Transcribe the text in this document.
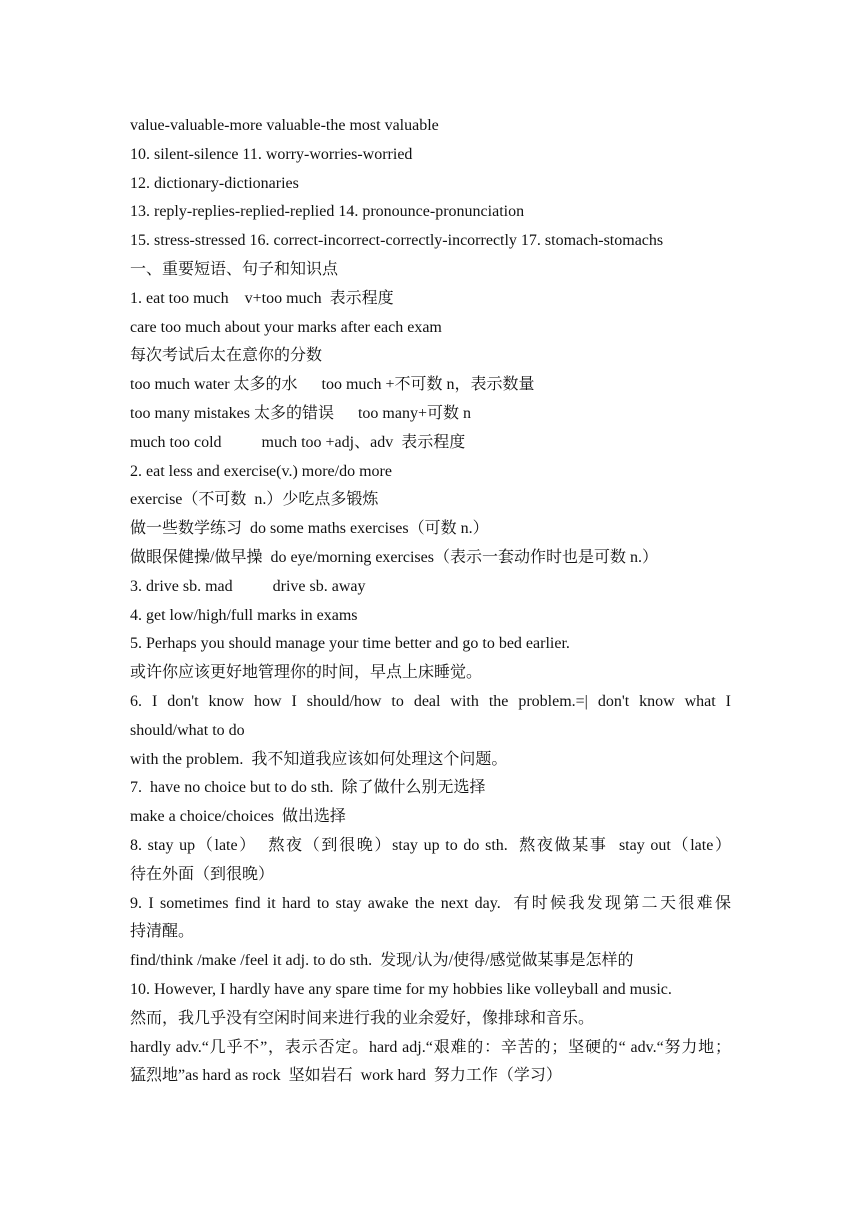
value-valuable-more valuable-the most valuable

10. silent-silence 11. worry-worries-worried

12. dictionary-dictionaries

13. reply-replies-replied-replied 14. pronounce-pronunciation

15. stress-stressed 16. correct-incorrect-correctly-incorrectly 17. stomach-stomachs

一、重要短语、句子和知识点

1. eat too much    v+too much  表示程度

care too much about your marks after each exam

每次考试后太在意你的分数

too much water 太多的水      too much +不可数 n，表示数量

too many mistakes 太多的错误      too many+可数 n

much too cold          much too +adj、adv  表示程度

2. eat less and exercise(v.) more/do more

exercise（不可数  n.）少吃点多锻炼

做一些数学练习  do some maths exercises（可数 n.）

做眼保健操/做早操  do eye/morning exercises（表示一套动作时也是可数 n.）

3. drive sb. mad          drive sb. away

4. get low/high/full marks in exams

5. Perhaps you should manage your time better and go to bed earlier.

或许你应该更好地管理你的时间，早点上床睡觉。

6. I don't know how I should/how to deal with the problem.=| don't know what I

should/what to do

with the problem.  我不知道我应该如何处理这个问题。

7.  have no choice but to do sth.  除了做什么别无选择

make a choice/choices  做出选择

8. stay up（late）  熬夜（到很晚）stay up to do sth.  熬夜做某事  stay out（late）

待在外面（到很晚）

9. I sometimes find it hard to stay awake the next day.  有时候我发现第二天很难保

持清醒。

find/think /make /feel it adj. to do sth.  发现/认为/使得/感觉做某事是怎样的

10. However, I hardly have any spare time for my hobbies like volleyball and music.

然而，我几乎没有空闲时间来进行我的业余爱好，像排球和音乐。

hardly adv.“几乎不”，表示否定。hard adj.“艰难的：辛苦的；坚硬的“ adv.“努力地；

猛烈地”as hard as rock  坚如岩石  work hard  努力工作（学习）
